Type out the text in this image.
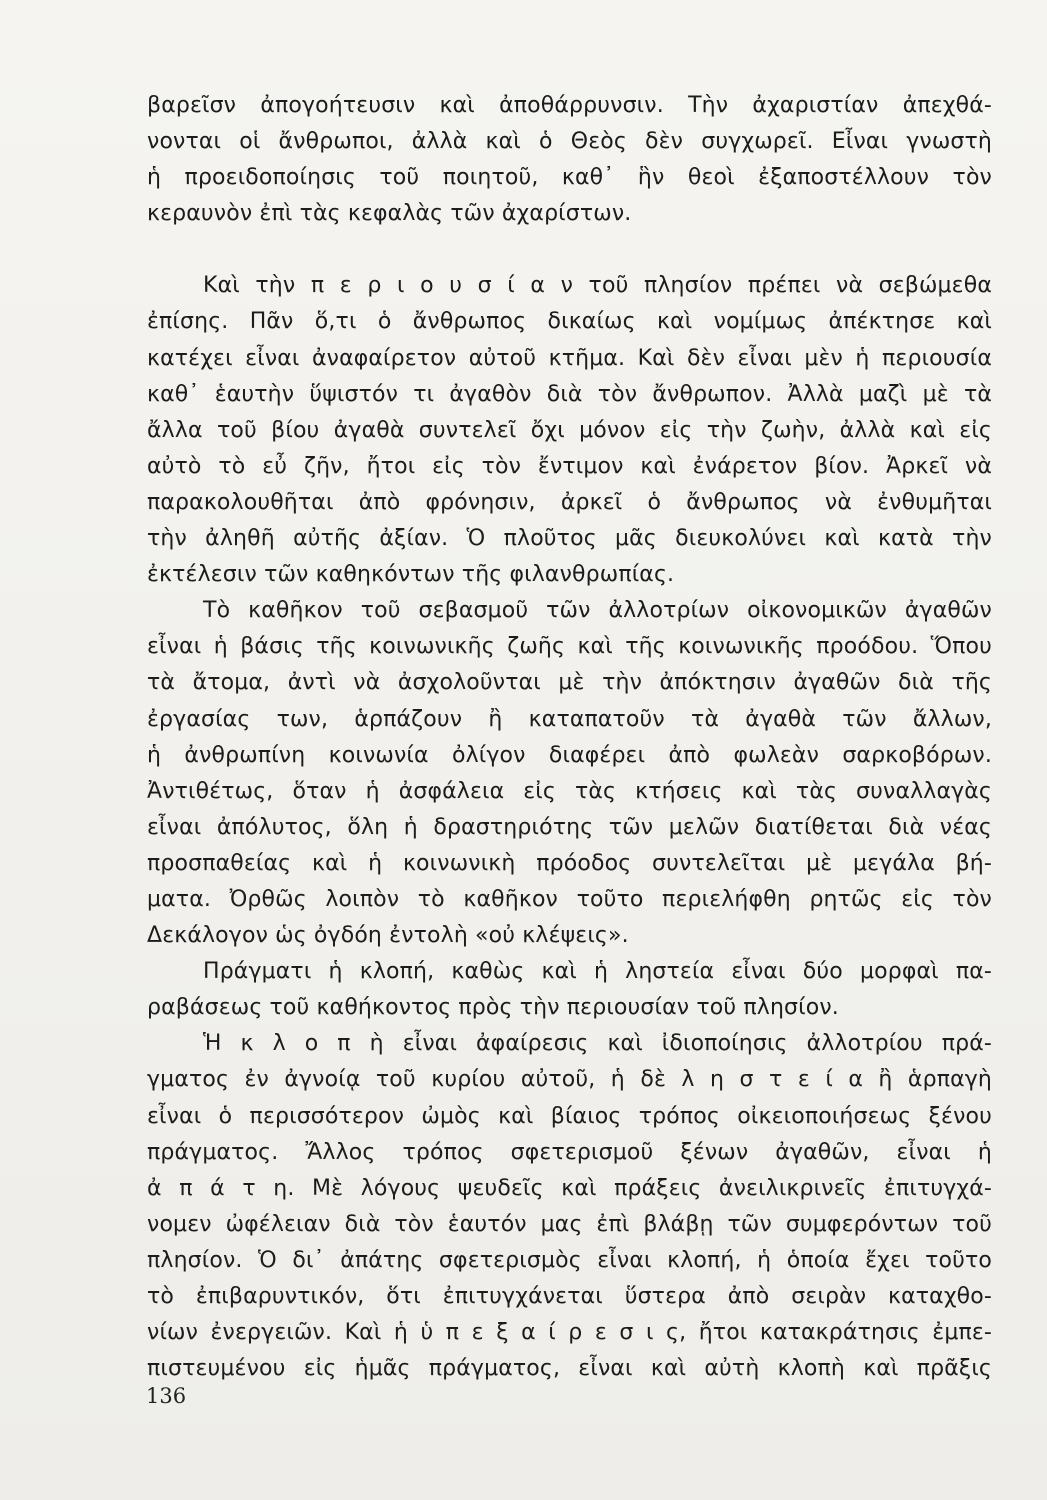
βαρεῖσν ἀπογοήτευσιν καὶ ἀποθάρρυνσιν. Τὴν ἀχαριστίαν ἀπεχθά-
νονται οἱ ἄνθρωποι, ἀλλὰ καὶ ὁ Θεὸς δὲν συγχωρεῖ. Εἶναι γνωστὴ
ἡ προειδοποίησις τοῦ ποιητοῦ, καθ᾽ ἣν θεοὶ ἐξαποστέλλουν τὸν
κεραυνὸν ἐπὶ τὰς κεφαλὰς τῶν ἀχαρίστων.
Καὶ τὴν π ε ρ ι ο υ σ ί α ν τοῦ πλησίον πρέπει νὰ σεβώμεθα
ἐπίσης. Πᾶν ὅ,τι ὁ ἄνθρωπος δικαίως καὶ νομίμως ἀπέκτησε καὶ
κατέχει εἶναι ἀναφαίρετον αὐτοῦ κτῆμα. Καὶ δὲν εἶναι μὲν ἡ περιουσία
καθ᾽ ἑαυτὴν ὕψιστόν τι ἀγαθὸν διὰ τὸν ἄνθρωπον. Ἀλλὰ μαζὶ μὲ τὰ
ἄλλα τοῦ βίου ἀγαθὰ συντελεῖ ὄχι μόνον εἰς τὴν ζωὴν, ἀλλὰ καὶ εἰς
αὐτὸ τὸ εὖ ζῆν, ἤτοι εἰς τὸν ἔντιμον καὶ ἐνάρετον βίον. Ἀρκεῖ νὰ
παρακολουθῆται ἀπὸ φρόνησιν, ἀρκεῖ ὁ ἄνθρωπος νὰ ἐνθυμῆται
τὴν ἀληθῆ αὐτῆς ἀξίαν. Ὁ πλοῦτος μᾶς διευκολύνει καὶ κατὰ τὴν
ἐκτέλεσιν τῶν καθηκόντων τῆς φιλανθρωπίας.
Τὸ καθῆκον τοῦ σεβασμοῦ τῶν ἀλλοτρίων οἰκονομικῶν ἀγαθῶν
εἶναι ἡ βάσις τῆς κοινωνικῆς ζωῆς καὶ τῆς κοινωνικῆς προόδου. Ὅπου
τὰ ἄτομα, ἀντὶ νὰ ἀσχολοῦνται μὲ τὴν ἀπόκτησιν ἀγαθῶν διὰ τῆς
ἐργασίας των, ἁρπάζουν ἢ καταπατοῦν τὰ ἀγαθὰ τῶν ἄλλων,
ἡ ἀνθρωπίνη κοινωνία ὀλίγον διαφέρει ἀπὸ φωλεὰν σαρκοβόρων.
Ἀντιθέτως, ὅταν ἡ ἀσφάλεια εἰς τὰς κτήσεις καὶ τὰς συναλλαγὰς
εἶναι ἀπόλυτος, ὅλη ἡ δραστηριότης τῶν μελῶν διατίθεται διὰ νέας
προσπαθείας καὶ ἡ κοινωνικὴ πρόοδος συντελεῖται μὲ μεγάλα βή-
ματα. Ὀρθῶς λοιπὸν τὸ καθῆκον τοῦτο περιελήφθη ρητῶς εἰς τὸν
Δεκάλογον ὡς ὀγδόη ἐντολὴ «οὐ κλέψεις».
Πράγματι ἡ κλοπή, καθὼς καὶ ἡ ληστεία εἶναι δύο μορφαὶ πα-
ραβάσεως τοῦ καθήκοντος πρὸς τὴν περιουσίαν τοῦ πλησίον.
Ἡ κ λ ο π ὴ εἶναι ἀφαίρεσις καὶ ἰδιοποίησις ἀλλοτρίου πρά-
γματος ἐν ἀγνοίᾳ τοῦ κυρίου αὐτοῦ, ἡ δὲ λ η σ τ ε ί α ἢ ἁρπαγὴ
εἶναι ὁ περισσότερον ὠμὸς καὶ βίαιος τρόπος οἰκειοποιήσεως ξένου
πράγματος. Ἄλλος τρόπος σφετερισμοῦ ξένων ἀγαθῶν, εἶναι ἡ
ἀ π ά τ η. Μὲ λόγους ψευδεῖς καὶ πράξεις ἀνειλικρινεῖς ἐπιτυγχά-
νομεν ὠφέλειαν διὰ τὸν ἑαυτόν μας ἐπὶ βλάβῃ τῶν συμφερόντων τοῦ
πλησίον. Ὁ δι᾽ ἀπάτης σφετερισμὸς εἶναι κλοπή, ἡ ὁποία ἔχει τοῦτο
τὸ ἐπιβαρυντικόν, ὅτι ἐπιτυγχάνεται ὕστερα ἀπὸ σειρὰν καταχθο-
νίων ἐνεργειῶν. Καὶ ἡ ὑ π ε ξ α ί ρ ε σ ι ς, ἤτοι κατακράτησις ἐμπε-
πιστευμένου εἰς ἡμᾶς πράγματος, εἶναι καὶ αὐτὴ κλοπὴ καὶ πρᾶξις
136
